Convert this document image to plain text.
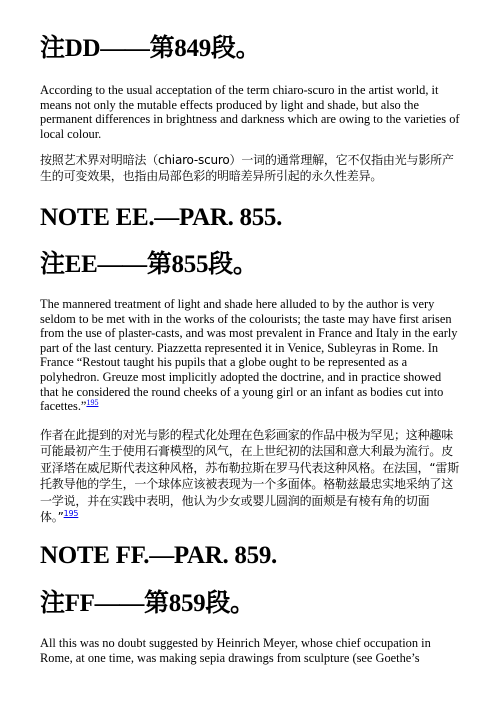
注DD——第849段。

According to the usual acceptation of the term chiaro-scuro in the artist world, it means not only the mutable effects produced by light and shade, but also the permanent differences in brightness and darkness which are owing to the varieties of local colour.

按照艺术界对明暗法（chiaro-scuro）一词的通常理解，它不仅指由光与影所产生的可变效果，也指由局部色彩的明暗差异所引起的永久性差异。

NOTE EE.—PAR. 855.
注EE——第855段。

The mannered treatment of light and shade here alluded to by the author is very seldom to be met with in the works of the colourists; the taste may have first arisen from the use of plaster-casts, and was most prevalent in France and Italy in the early part of the last century. Piazzetta represented it in Venice, Subleyras in Rome. In France “Restout taught his pupils that a globe ought to be represented as a polyhedron. Greuze most implicitly adopted the doctrine, and in practice showed that he considered the round cheeks of a young girl or an infant as bodies cut into facettes.”$^{195}$

作者在此提到的对光与影的程式化处理在色彩画家的作品中极为罕见；这种趣味可能最初产生于使用石膏模型的风气，在上世纪初的法国和意大利最为流行。皮亚泽塔在威尼斯代表这种风格，苏布勒拉斯在罗马代表这种风格。在法国，“雷斯托教导他的学生，一个球体应该被表现为一个多面体。格勒兹最忠实地采纳了这一学说，并在实践中表明，他认为少女或婴儿圆润的面颊是有棱有角的切面体。”$^{195}$

NOTE FF.—PAR. 859.
注FF——第859段。

All this was no doubt suggested by Heinrich Meyer, whose chief occupation in Rome, at one time, was making sepia drawings from sculpture (see Goethe’s
